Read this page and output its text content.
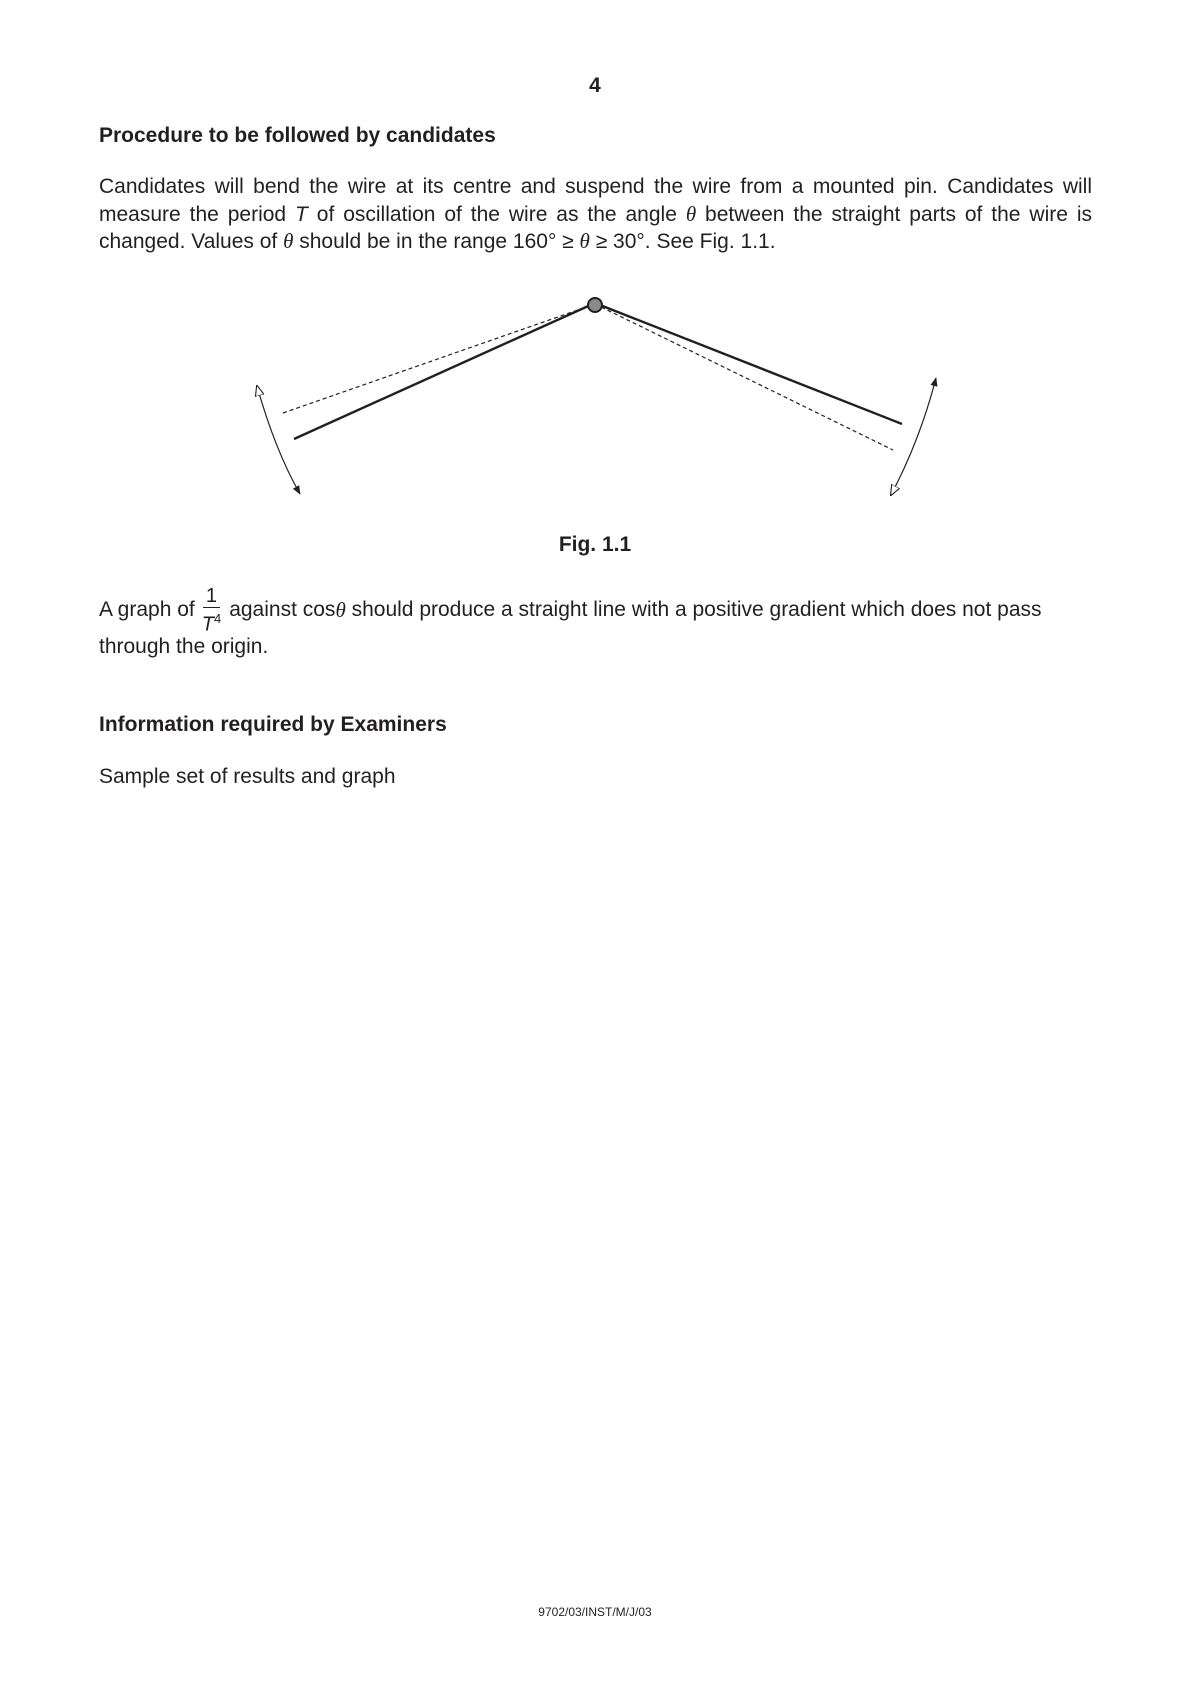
4
Procedure to be followed by candidates

Candidates will bend the wire at its centre and suspend the wire from a mounted pin. Candidates will measure the period T of oscillation of the wire as the angle θ between the straight parts of the wire is changed. Values of θ should be in the range 160° ≥ θ ≥ 30°. See Fig. 1.1.

Fig. 1.1
A graph of $\frac{1}{T^4}$ against cos θ should produce a straight line with a positive gradient which does not pass

through the origin.

Information required by Examiners

Sample set of results and graph

9702/03/INST/M/J/03
